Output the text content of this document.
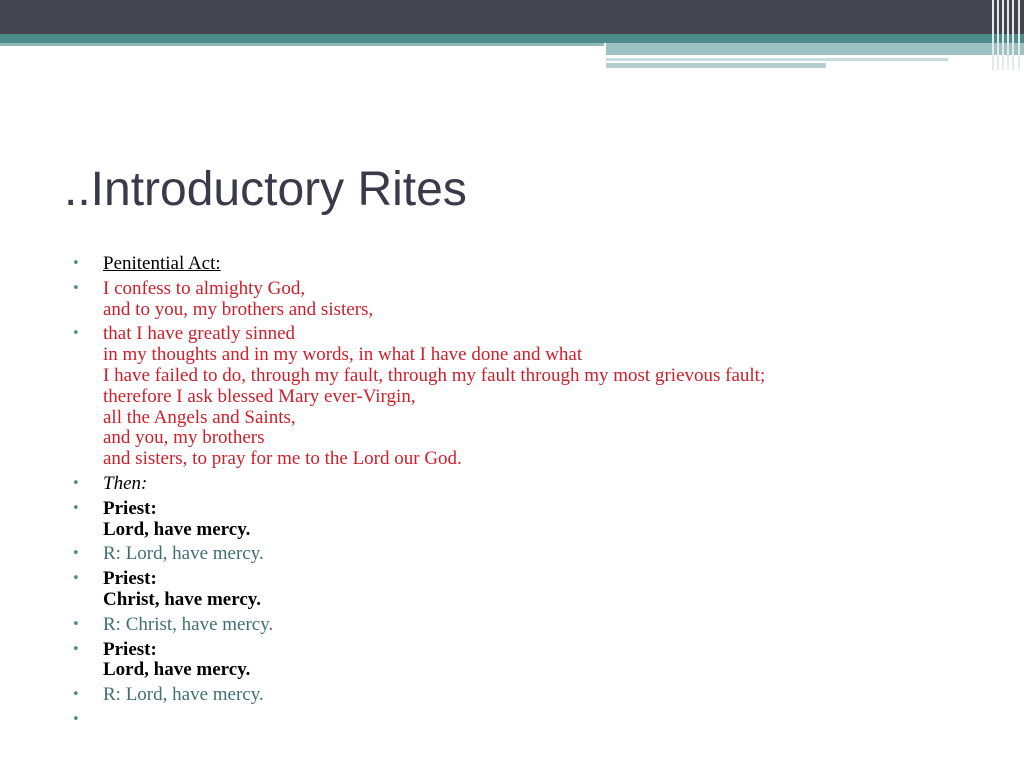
..Introductory Rites
• Penitential Act:
• I confess to almighty God,
and to you, my brothers and sisters,
• that I have greatly sinned
in my thoughts and in my words, in what I have done and what
I have failed to do, through my fault, through my fault through my most grievous fault;
therefore I ask blessed Mary ever-Virgin,
all the Angels and Saints,
and you, my brothers
and sisters, to pray for me to the Lord our God.
• Then:
• Priest:
Lord, have mercy.
• R: Lord, have mercy.
• Priest:
Christ, have mercy.
• R: Christ, have mercy.
• Priest:
Lord, have mercy.
• R: Lord, have mercy.
•
